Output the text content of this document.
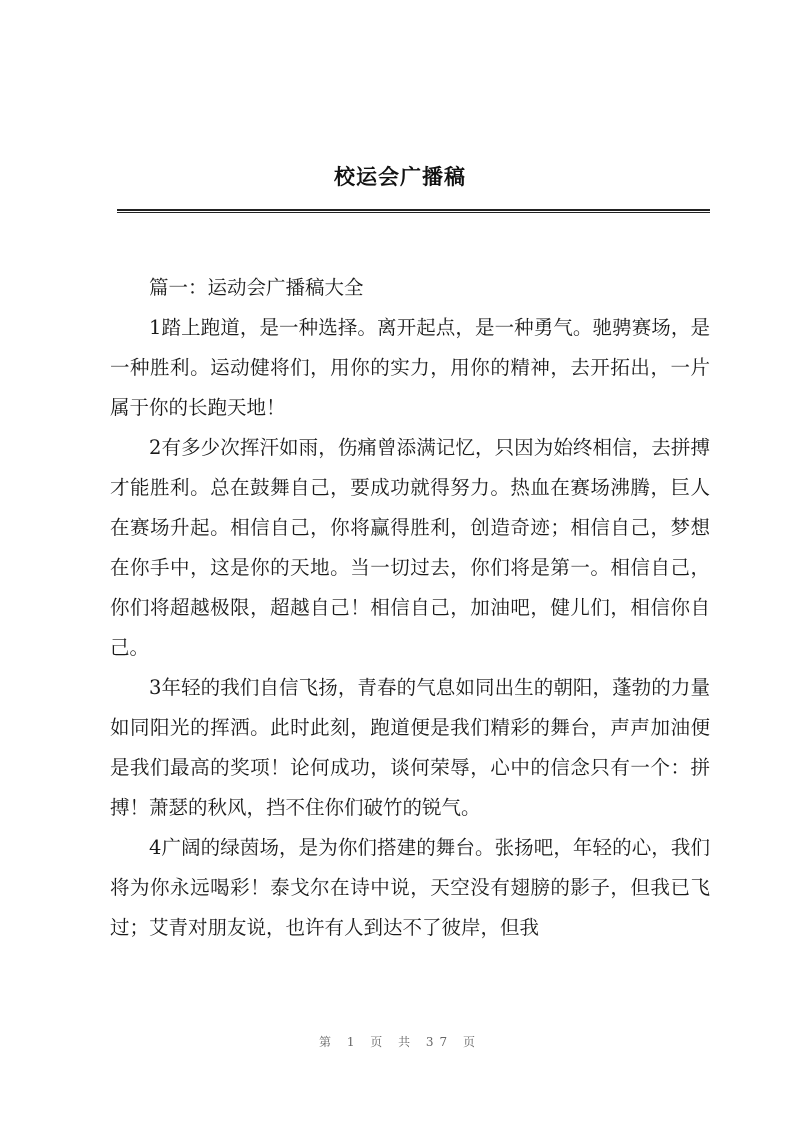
校运会广播稿

篇一：运动会广播稿大全

1踏上跑道，是一种选择。离开起点，是一种勇气。驰骋赛场，是一种胜利。运动健将们，用你的实力，用你的精神，去开拓出，一片属于你的长跑天地！

2有多少次挥汗如雨，伤痛曾添满记忆，只因为始终相信，去拼搏才能胜利。总在鼓舞自己，要成功就得努力。热血在赛场沸腾，巨人在赛场升起。相信自己，你将赢得胜利，创造奇迹；相信自己，梦想在你手中，这是你的天地。当一切过去，你们将是第一。相信自己，你们将超越极限，超越自己！相信自己，加油吧，健儿们，相信你自己。

3年轻的我们自信飞扬，青春的气息如同出生的朝阳，蓬勃的力量如同阳光的挥洒。此时此刻，跑道便是我们精彩的舞台，声声加油便是我们最高的奖项！论何成功，谈何荣辱，心中的信念只有一个：拼搏！萧瑟的秋风，挡不住你们破竹的锐气。

4广阔的绿茵场，是为你们搭建的舞台。张扬吧，年轻的心，我们将为你永远喝彩！泰戈尔在诗中说，天空没有翅膀的影子，但我已飞过；艾青对朋友说，也许有人到达不了彼岸，但我

第 1 页 共 37 页
